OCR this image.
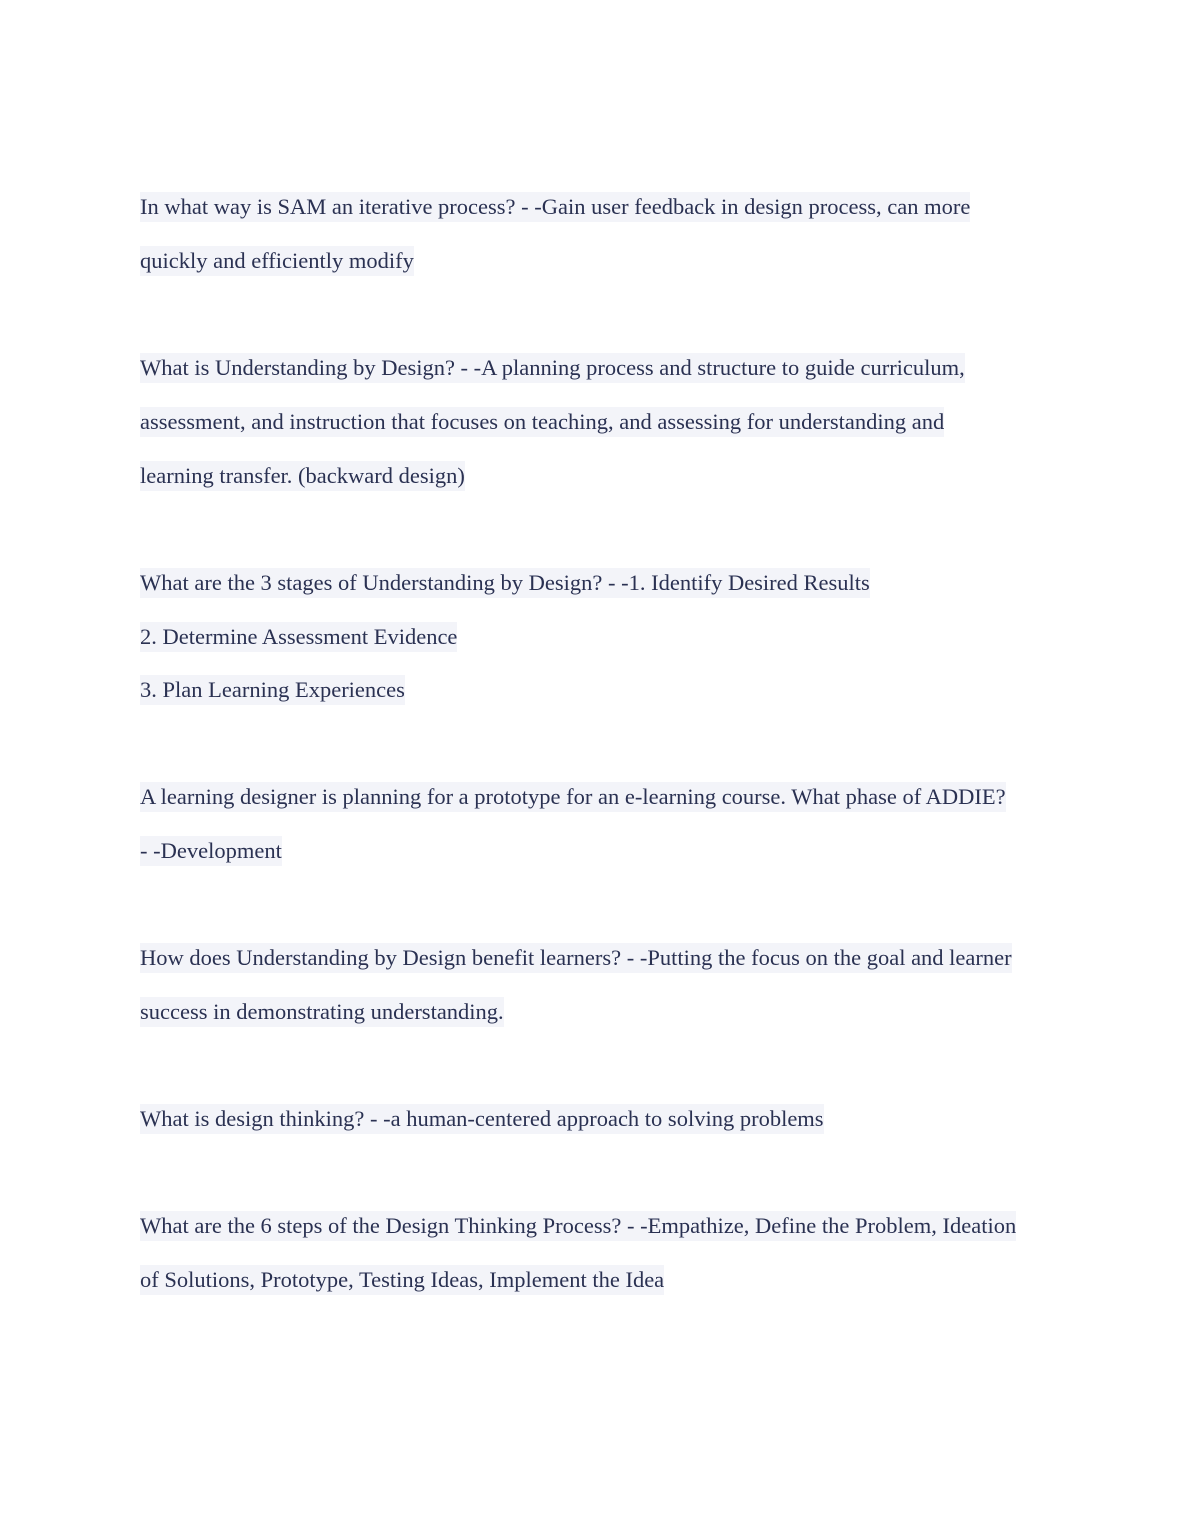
In what way is SAM an iterative process? - -Gain user feedback in design process, can more
quickly and efficiently modify
What is Understanding by Design? - -A planning process and structure to guide curriculum,
assessment, and instruction that focuses on teaching, and assessing for understanding and
learning transfer. (backward design)
What are the 3 stages of Understanding by Design? - -1. Identify Desired Results
2. Determine Assessment Evidence
3. Plan Learning Experiences
A learning designer is planning for a prototype for an e-learning course. What phase of ADDIE?
- -Development
How does Understanding by Design benefit learners? - -Putting the focus on the goal and learner
success in demonstrating understanding.
What is design thinking? - -a human-centered approach to solving problems
What are the 6 steps of the Design Thinking Process? - -Empathize, Define the Problem, Ideation
of Solutions, Prototype, Testing Ideas, Implement the Idea
